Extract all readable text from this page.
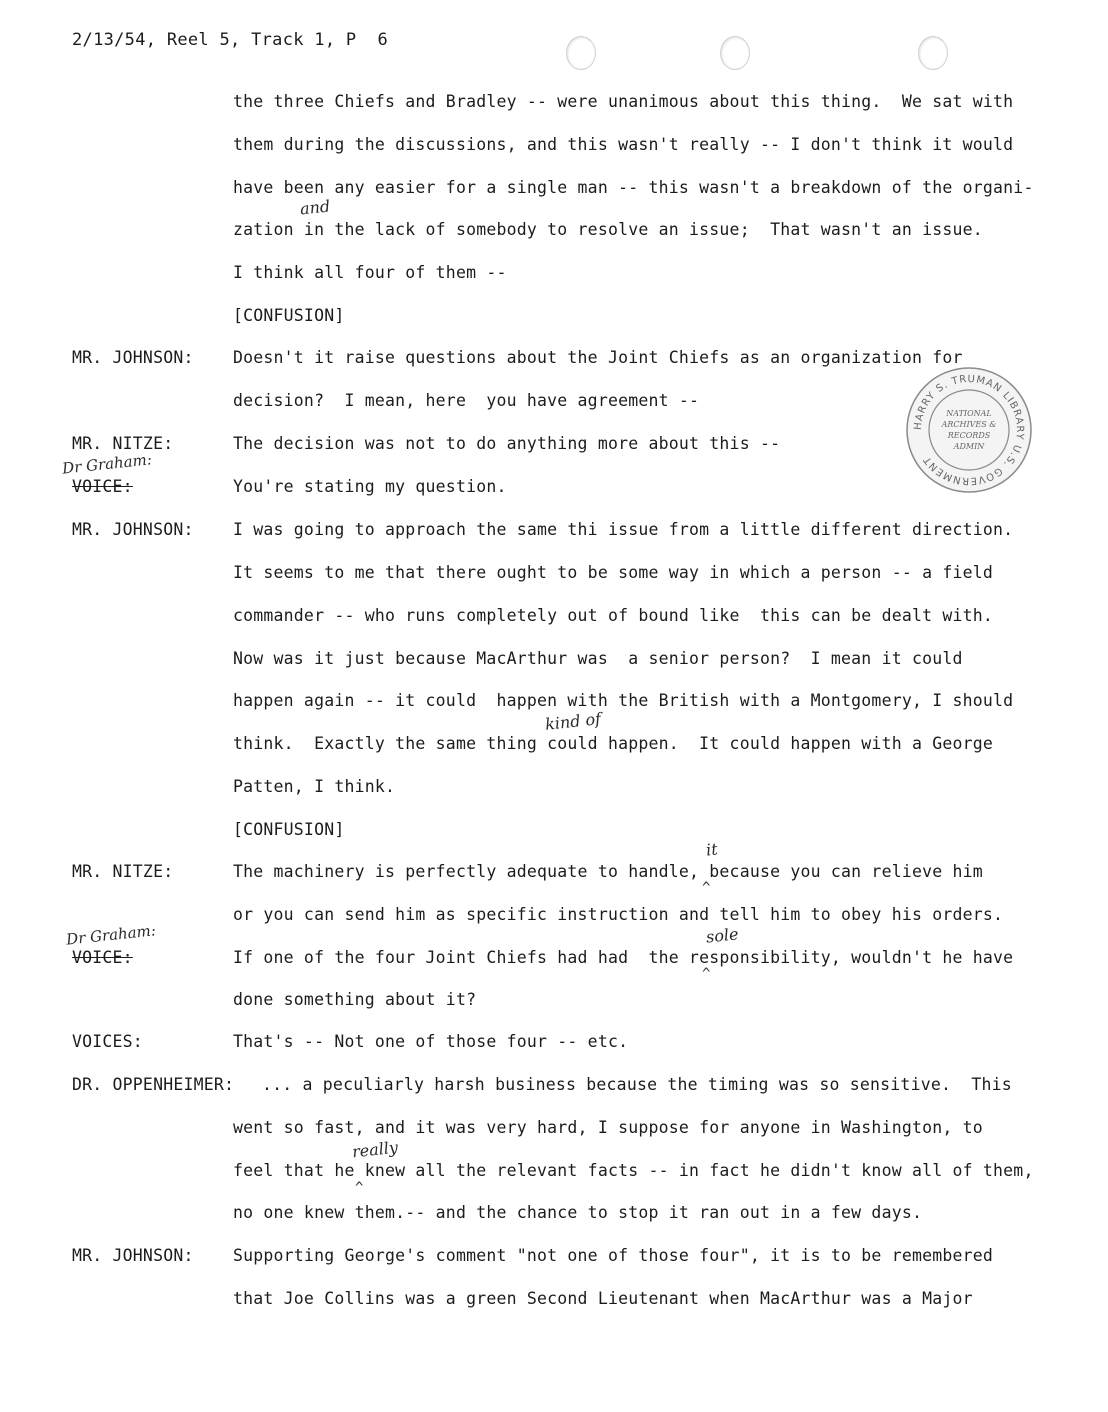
2/13/54, Reel 5, Track 1, P  6
MR. JOHNSON:
MR. NITZE:
VOICE:
MR. JOHNSON:
MR. NITZE:
VOICE:
VOICES:
DR. OPPENHEIMER:
MR. JOHNSON:
the three Chiefs and Bradley -- were unanimous about this thing.  We sat with
them during the discussions, and this wasn't really -- I don't think it would
have been any easier for a single man -- this wasn't a breakdown of the organi-
zation in the lack of somebody to resolve an issue;  That wasn't an issue.
I think all four of them --
[CONFUSION]
Doesn't it raise questions about the Joint Chiefs as an organization for
decision?  I mean, here  you have agreement --
The decision was not to do anything more about this --
You're stating my question.
I was going to approach the same thi issue from a little different direction.
It seems to me that there ought to be some way in which a person -- a field
commander -- who runs completely out of bound like  this can be dealt with.
Now was it just because MacArthur was  a senior person?  I mean it could
happen again -- it could  happen with the British with a Montgomery, I should
think.  Exactly the same thing could happen.  It could happen with a George
Patten, I think.
[CONFUSION]
The machinery is perfectly adequate to handle, because you can relieve him
or you can send him as specific instruction and tell him to obey his orders.
If one of the four Joint Chiefs had had  the responsibility, wouldn't he have
done something about it?
That's -- Not one of those four -- etc.
... a peculiarly harsh business because the timing was so sensitive.  This
went so fast, and it was very hard, I suppose for anyone in Washington, to
feel that he knew all the relevant facts -- in fact he didn't know all of them,
no one knew them.-- and the chance to stop it ran out in a few days.
Supporting George's comment "not one of those four", it is to be remembered
that Joe Collins was a green Second Lieutenant when MacArthur was a Major
and
Dr Graham:
kind of
it
Dr Graham:	sole
really
^
^
^
HARRY S. TRUMAN LIBRARY U.S. GOVERNMENT
NATIONAL
ARCHIVES &
RECORDS
ADMIN
